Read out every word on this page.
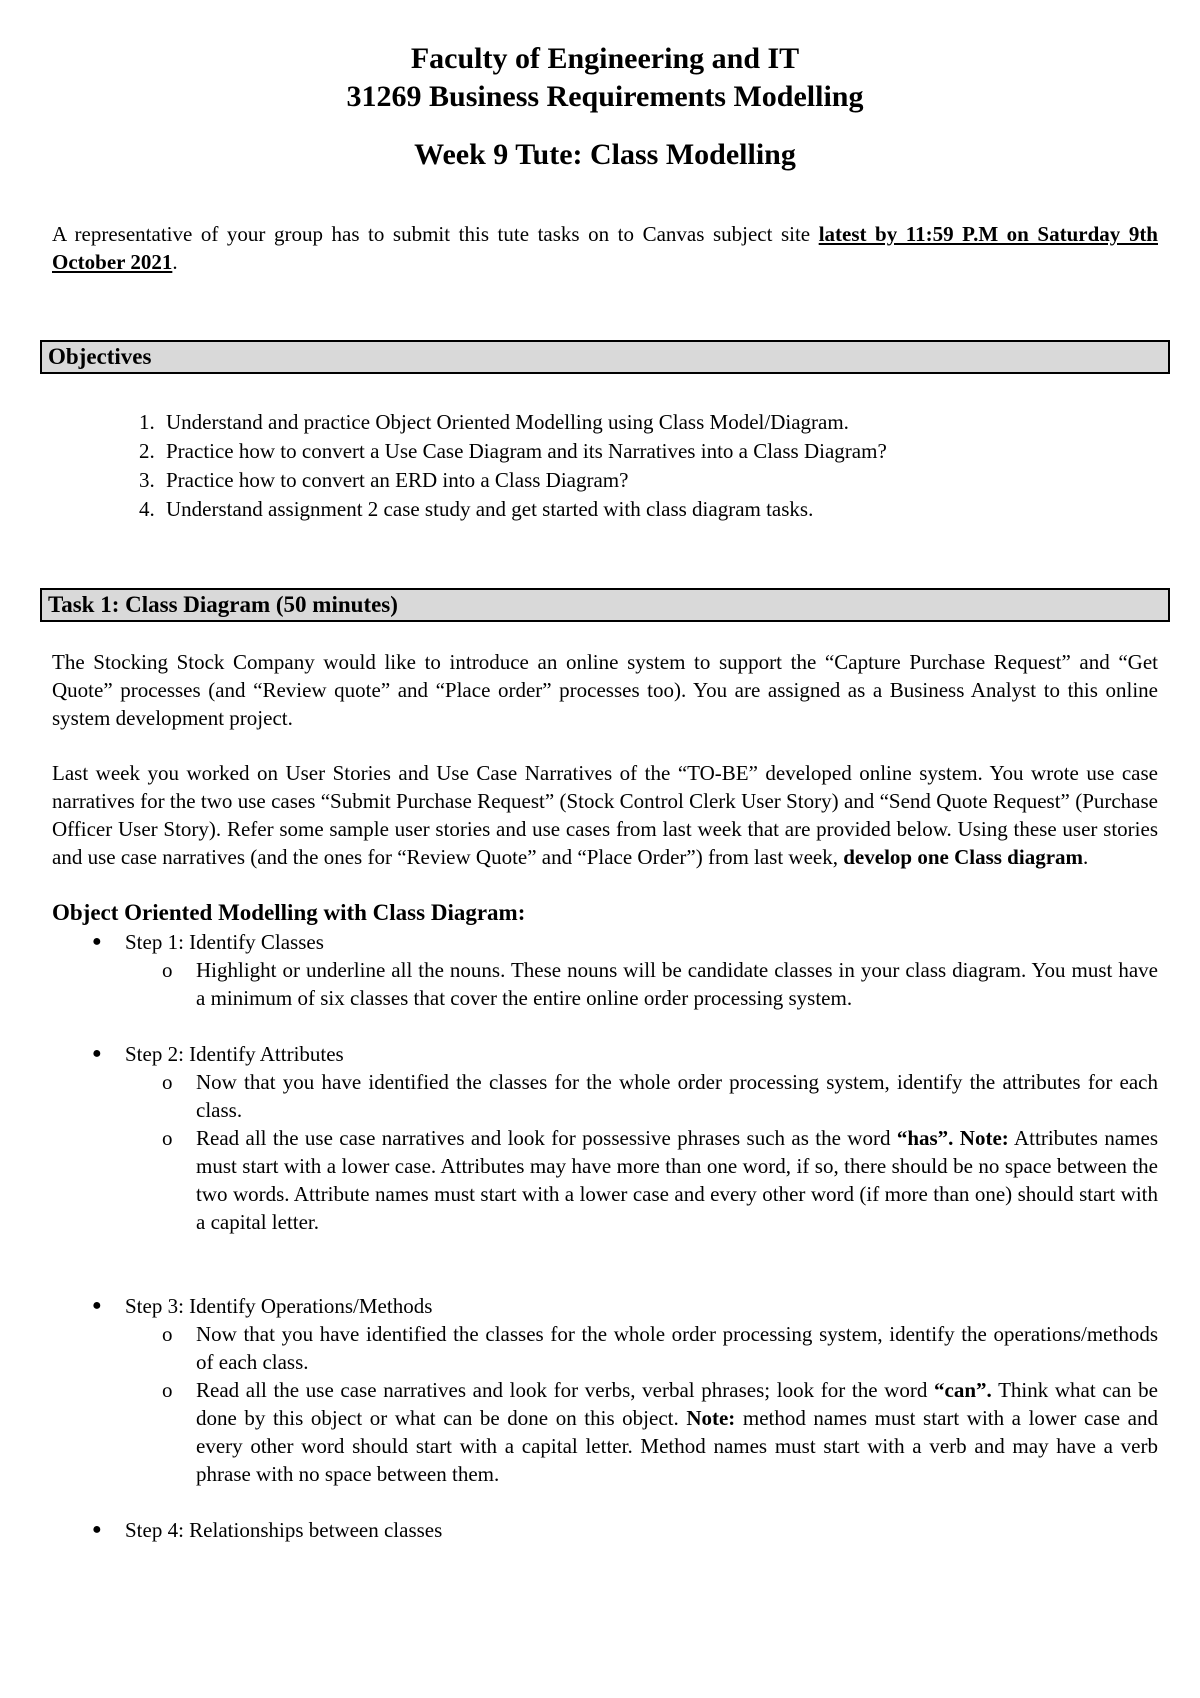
Faculty of Engineering and IT

31269 Business Requirements Modelling

Week 9 Tute: Class Modelling

A representative of your group has to submit this tute tasks on to Canvas subject site latest by 11:59 P.M on Saturday 9th October 2021.

Objectives
1. Understand and practice Object Oriented Modelling using Class Model/Diagram.
2. Practice how to convert a Use Case Diagram and its Narratives into a Class Diagram?
3. Practice how to convert an ERD into a Class Diagram?
4. Understand assignment 2 case study and get started with class diagram tasks.
Task 1: Class Diagram (50 minutes)

The Stocking Stock Company would like to introduce an online system to support the “Capture Purchase Request” and “Get Quote” processes (and “Review quote” and “Place order” processes too). You are assigned as a Business Analyst to this online system development project.

Last week you worked on User Stories and Use Case Narratives of the “TO-BE” developed online system. You wrote use case narratives for the two use cases “Submit Purchase Request” (Stock Control Clerk User Story) and “Send Quote Request” (Purchase Officer User Story). Refer some sample user stories and use cases from last week that are provided below. Using these user stories and use case narratives (and the ones for “Review Quote” and “Place Order”) from last week, develop one Class diagram.

Object Oriented Modelling with Class Diagram:
● Step 1: Identify Classes
o Highlight or underline all the nouns. These nouns will be candidate classes in your class diagram. You must have a minimum of six classes that cover the entire online order processing system.
● Step 2: Identify Attributes
o Now that you have identified the classes for the whole order processing system, identify the attributes for each class.
o Read all the use case narratives and look for possessive phrases such as the word “has”. Note: Attributes names must start with a lower case. Attributes may have more than one word, if so, there should be no space between the two words. Attribute names must start with a lower case and every other word (if more than one) should start with a capital letter.
● Step 3: Identify Operations/Methods
o Now that you have identified the classes for the whole order processing system, identify the operations/methods of each class.
o Read all the use case narratives and look for verbs, verbal phrases; look for the word “can”. Think what can be done by this object or what can be done on this object. Note: method names must start with a lower case and every other word should start with a capital letter. Method names must start with a verb and may have a verb phrase with no space between them.
● Step 4: Relationships between classes
